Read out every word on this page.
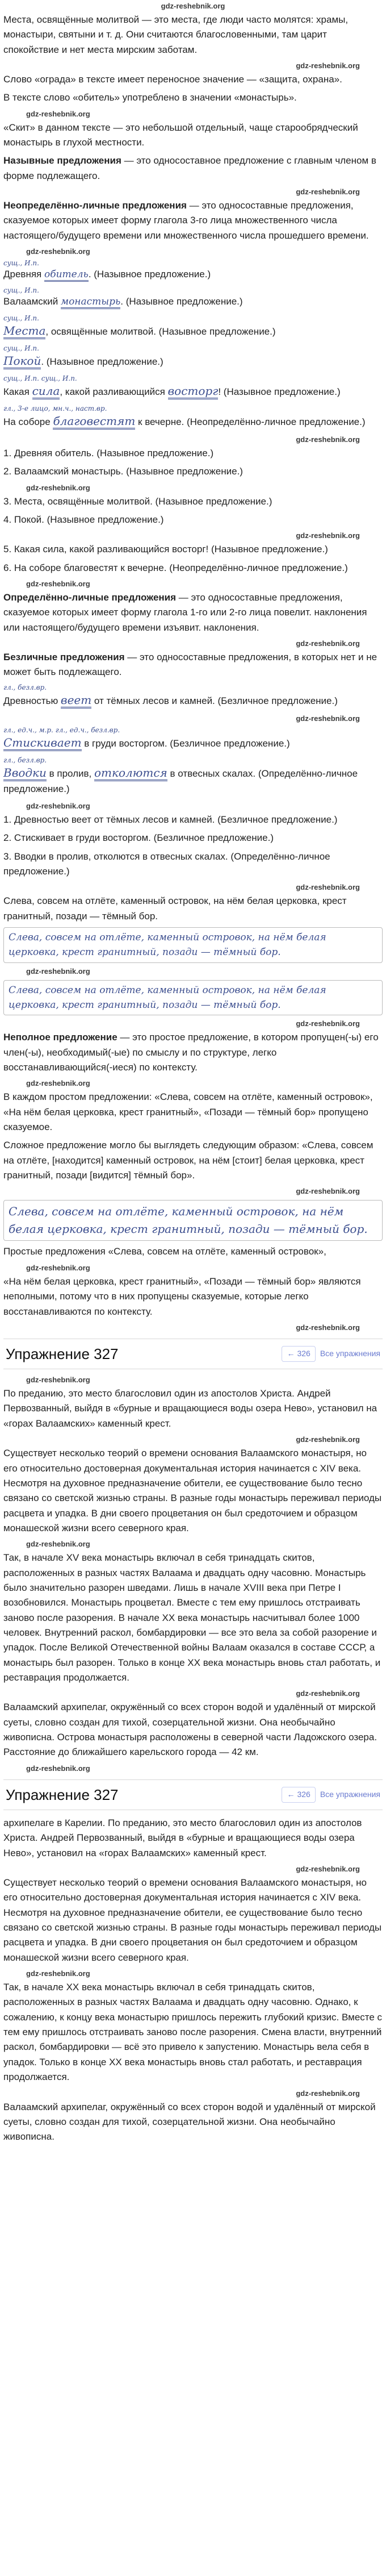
gdz-reshebnik.org

Места, освящённые молитвой — это места, где люди часто молятся: храмы, монастыри, святыни и т. д. Они считаются благословенными, там царит спокойствие и нет места мирским заботам.

gdz-reshebnik.org

Слово «ограда» в тексте имеет переносное значение — «защита, охрана».

В тексте слово «обитель» употреблено в значении «монастырь».

gdz-reshebnik.org

«Скит» в данном тексте — это небольшой отдельный, чаще старообрядческий монастырь в глухой местности.

Назывные предложения — это односоставное предложение с главным членом в форме подлежащего.

gdz-reshebnik.org

Неопределённо-личные предложения — это односоставные предложения, сказуемое которых имеет форму глагола 3-го лица множественного числа настоящего/будущего времени или множественного числа прошедшего времени.

gdz-reshebnik.org
сущ., И.п.
Древняя обитель. (Назывное предложение.)
сущ., И.п.
Валаамский монастырь. (Назывное предложение.)
сущ., И.п.
Места, освящённые молитвой. (Назывное предложение.)
сущ., И.п.
Покой. (Назывное предложение.)
сущ., И.п. сущ., И.п.
Какая сила, какой разливающийся восторг! (Назывное предложение.)
гл., 3-е лицо, мн.ч., наст.вр.
На соборе благовестят к вечерне. (Неопределённо-личное предложение.)
gdz-reshebnik.org

1. Древняя обитель. (Назывное предложение.)

2. Валаамский монастырь. (Назывное предложение.)

gdz-reshebnik.org

3. Места, освящённые молитвой. (Назывное предложение.)

4. Покой. (Назывное предложение.)

gdz-reshebnik.org

5. Какая сила, какой разливающийся восторг! (Назывное предложение.)

6. На соборе благовестят к вечерне. (Неопределённо-личное предложение.)

gdz-reshebnik.org

Определённо-личные предложения — это односоставные предложения, сказуемое которых имеет форму глагола 1-го или 2-го лица повелит. наклонения или настоящего/будущего времени изъявит. наклонения.

gdz-reshebnik.org

Безличные предложения — это односоставные предложения, в которых нет и не может быть подлежащего.

гл., безл.вр.
Древностью веет от тёмных лесов и камней. (Безличное предложение.)
gdz-reshebnik.org
гл., ед.ч., м.р. гл., ед.ч., безл.вр.
Стискивает в груди восторгом. (Безличное предложение.)
гл., безл.вр.
Вводки в пролив, отколются в отвесных скалах. (Определённо-личное предложение.)
gdz-reshebnik.org

1. Древностью веет от тёмных лесов и камней. (Безличное предложение.)

2. Стискивает в груди восторгом. (Безличное предложение.)

3. Вводки в пролив, отколются в отвесных скалах. (Определённо-личное предложение.)

gdz-reshebnik.org

Слева, совсем на отлёте, каменный островок, на нём белая церковка, крест гранитный, позади — тёмный бор.

Слева, совсем на отлёте, каменный островок, на нём белая церковка, крест гранитный, позади — тёмный бор.
gdz-reshebnik.org
Слева, совсем на отлёте, каменный островок, на нём белая церковка, крест гранитный, позади — тёмный бор.
gdz-reshebnik.org

Неполное предложение — это простое предложение, в котором пропущен(-ы) его член(-ы), необходимый(-ые) по смыслу и по структуре, легко восстанавливающийся(-иеся) по контексту.

gdz-reshebnik.org

В каждом простом предложении: «Слева, совсем на отлёте, каменный островок», «На нём белая церковка, крест гранитный», «Позади — тёмный бор» пропущено сказуемое.

Сложное предложение могло бы выглядеть следующим образом: «Слева, совсем на отлёте, [находится] каменный островок, на нём [стоит] белая церковка, крест гранитный, позади [видится] тёмный бор».

gdz-reshebnik.org
Слева, совсем на отлёте, каменный островок, на нём белая церковка, крест гранитный, позади — тёмный бор.

Простые предложения «Слева, совсем на отлёте, каменный островок»,

gdz-reshebnik.org

«На нём белая церковка, крест гранитный», «Позади — тёмный бор» являются неполными, потому что в них пропущены сказуемые, которые легко восстанавливаются по контексту.

gdz-reshebnik.org
Упражнение 327	← 326 Все упражнения
gdz-reshebnik.org

По преданию, это место благословил один из апостолов Христа. Андрей Первозванный, выйдя в «бурные и вращающиеся воды озера Нево», установил на «горах Валаамских» каменный крест.

gdz-reshebnik.org

Существует несколько теорий о времени основания Валаамского монастыря, но его относительно достоверная документальная история начинается с XIV века. Несмотря на духовное предназначение обители, ее существование было тесно связано со светской жизнью страны. В разные годы монастырь переживал периоды расцвета и упадка. В дни своего процветания он был средоточием и образцом монашеской жизни всего северного края.

gdz-reshebnik.org

Так, в начале XV века монастырь включал в себя тринадцать скитов, расположенных в разных частях Валаама и двадцать одну часовню. Монастырь было значительно разорен шведами. Лишь в начале XVIII века при Петре I возобновился. Монастырь процветал. Вместе с тем ему пришлось отстраивать заново после разорения. В начале XX века монастырь насчитывал более 1000 человек. Внутренний раскол, бомбардировки — все это вела за собой разорение и упадок. После Великой Отечественной войны Валаам оказался в составе СССР, а монастырь был разорен. Только в конце XX века монастырь вновь стал работать, и реставрация продолжается.

gdz-reshebnik.org

Валаамский архипелаг, окружённый со всех сторон водой и удалённый от мирской суеты, словно создан для тихой, созерцательной жизни. Она необычайно живописна. Острова монастыря расположены в северной части Ладожского озера. Расстояние до ближайшего карельского города — 42 км.

gdz-reshebnik.org
Упражнение 327	← 326 Все упражнения

архипелаге в Карелии. По преданию, это место благословил один из апостолов Христа. Андрей Первозванный, выйдя в «бурные и вращающиеся воды озера Нево», установил на «горах Валаамских» каменный крест.

gdz-reshebnik.org

Существует несколько теорий о времени основания Валаамского монастыря, но его относительно достоверная документальная история начинается с XIV века. Несмотря на духовное предназначение обители, ее существование было тесно связано со светской жизнью страны. В разные годы монастырь переживал периоды расцвета и упадка. В дни своего процветания он был средоточием и образцом монашеской жизни всего северного края.

gdz-reshebnik.org

Так, в начале XX века монастырь включал в себя тринадцать скитов, расположенных в разных частях Валаама и двадцать одну часовню. Однако, к сожалению, к концу века монастырю пришлось пережить глубокий кризис. Вместе с тем ему пришлось отстраивать заново после разорения. Смена власти, внутренний раскол, бомбардировки — всё это привело к запустению. Монастырь вела себя в упадок. Только в конце XX века монастырь вновь стал работать, и реставрация продолжается.

gdz-reshebnik.org

Валаамский архипелаг, окружённый со всех сторон водой и удалённый от мирской суеты, словно создан для тихой, созерцательной жизни. Она необычайно живописна.
